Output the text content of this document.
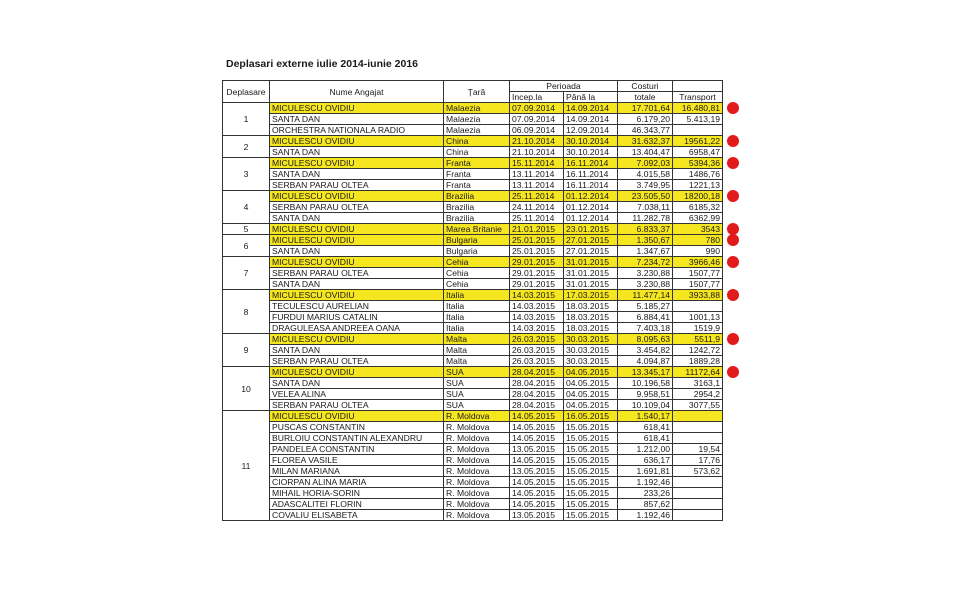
Deplasari externe iulie 2014-iunie 2016
Deplasare	Nume Angajat	Țară	Perioada		Costuri	
			Incep.la	Până la	totale	Transport
1	MICULESCU OVIDIU	Malaezia	07.09.2014	14.09.2014	17.701,64	16.480,81
	SANTA DAN	Malaezia	07.09.2014	14.09.2014	6.179,20	5.413,19
	ORCHESTRA NATIONALA RADIO	Malaezia	06.09.2014	12.09.2014	46.343,77	
2	MICULESCU OVIDIU	China	21.10.2014	30.10.2014	31.632,37	19561,22
	SANTA DAN	China	21.10.2014	30.10.2014	13.404,47	6958,47
3	MICULESCU OVIDIU	Franta	15.11.2014	16.11.2014	7.092,03	5394,36
	SANTA DAN	Franta	13.11.2014	16.11.2014	4.015,58	1486,76
	SERBAN PARAU OLTEA	Franta	13.11.2014	16.11.2014	3.749,95	1221,13
4	MICULESCU OVIDIU	Brazilia	25.11.2014	01.12.2014	23.505,50	18200,18
	SERBAN PARAU OLTEA	Brazilia	24.11.2014	01.12.2014	7.038,11	6185,32
	SANTA DAN	Brazilia	25.11.2014	01.12.2014	11.282,78	6362,99
5	MICULESCU OVIDIU	Marea Britanie	21.01.2015	23.01.2015	6.833,37	3543
6	MICULESCU OVIDIU	Bulgaria	25.01.2015	27.01.2015	1.350,67	780
	SANTA DAN	Bulgaria	25.01.2015	27.01.2015	1.347,67	990
7	MICULESCU OVIDIU	Cehia	29.01.2015	31.01.2015	7.234,72	3966,46
	SERBAN PARAU OLTEA	Cehia	29.01.2015	31.01.2015	3.230,88	1507,77
	SANTA DAN	Cehia	29.01.2015	31.01.2015	3.230,88	1507,77
8	MICULESCU OVIDIU	Italia	14.03.2015	17.03.2015	11.477,14	3933,88
	TECULESCU AURELIAN	Italia	14.03.2015	18.03.2015	5.185,27	
	FURDUI MARIUS CATALIN	Italia	14.03.2015	18.03.2015	6.884,41	1001,13
	DRAGULEASA ANDREEA OANA	Italia	14.03.2015	18.03.2015	7.403,18	1519,9
9	MICULESCU OVIDIU	Malta	26.03.2015	30.03.2015	8.095,63	5511,9
	SANTA DAN	Malta	26.03.2015	30.03.2015	3.454,82	1242,72
	SERBAN PARAU OLTEA	Malta	26.03.2015	30.03.2015	4.094,87	1889,28
10	MICULESCU OVIDIU	SUA	28.04.2015	04.05.2015	13.345,17	11172,64
	SANTA DAN	SUA	28.04.2015	04.05.2015	10.196,58	3163,1
	VELEA ALINA	SUA	28.04.2015	04.05.2015	9.958,51	2954,2
	SERBAN PARAU OLTEA	SUA	28.04.2015	04.05.2015	10.109,04	3077,55
11	MICULESCU OVIDIU	R. Moldova	14.05.2015	16.05.2015	1.540,17	
	PUSCAS CONSTANTIN	R. Moldova	14.05.2015	15.05.2015	618,41	
	BURLOIU CONSTANTIN ALEXANDRU	R. Moldova	14.05.2015	15.05.2015	618,41	
	PANDELEA CONSTANTIN	R. Moldova	13.05.2015	15.05.2015	1.212,00	19,54
	FLOREA VASILE	R. Moldova	14.05.2015	15.05.2015	636,17	17,76
	MILAN MARIANA	R. Moldova	13.05.2015	15.05.2015	1.691,81	573,62
	CIORPAN ALINA MARIA	R. Moldova	14.05.2015	15.05.2015	1.192,46	
	MIHAIL HORIA-SORIN	R. Moldova	14.05.2015	15.05.2015	233,26	
	ADASCALITEI FLORIN	R. Moldova	14.05.2015	15.05.2015	857,62	
	COVALIU ELISABETA	R. Moldova	13.05.2015	15.05.2015	1.192,46	
